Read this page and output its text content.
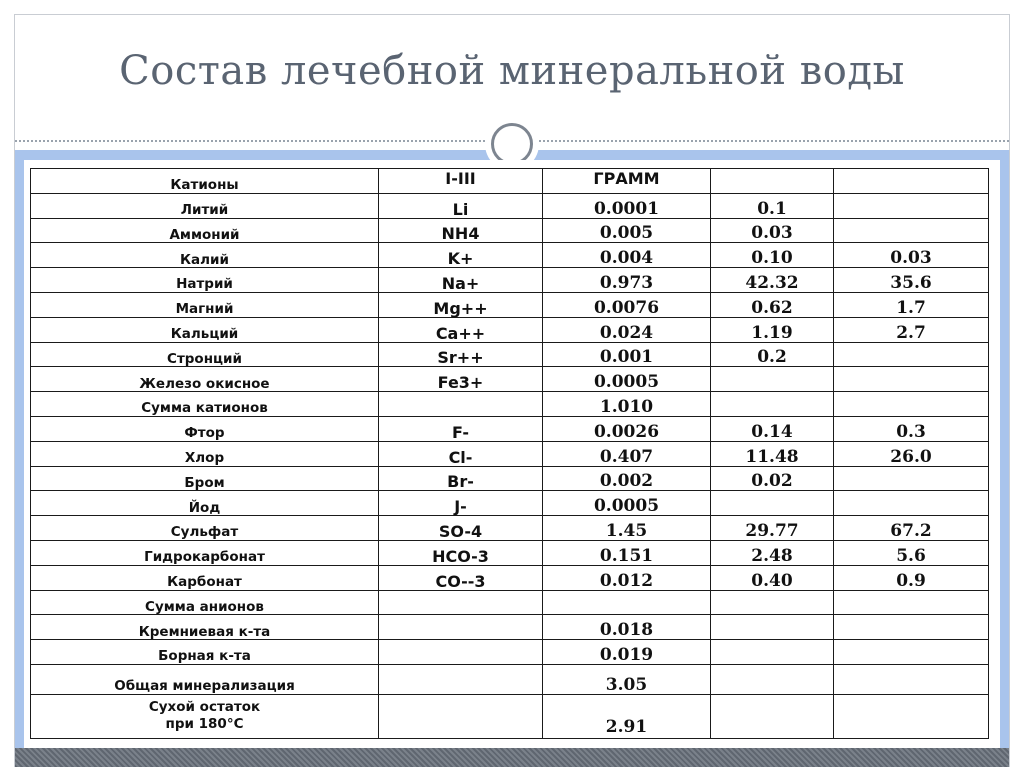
Состав лечебной минеральной воды
Катионы	I-III	ГРАММ		
Литий	Li	0.0001	0.1	
Аммоний	NH4	0.005	0.03	
Калий	K+	0.004	0.10	0.03
Натрий	Na+	0.973	42.32	35.6
Магний	Mg++	0.0076	0.62	1.7
Кальций	Ca++	0.024	1.19	2.7
Стронций	Sr++	0.001	0.2	
Железо окисное	Fe3+	0.0005		
Сумма катионов		1.010		
Фтор	F-	0.0026	0.14	0.3
Хлор	Cl-	0.407	11.48	26.0
Бром	Br-	0.002	0.02	
Йод	J-	0.0005		
Сульфат	SO-4	1.45	29.77	67.2
Гидрокарбонат	HCO-3	0.151	2.48	5.6
Карбонат	CO--3	0.012	0.40	0.9
Сумма анионов				
Кремниевая к-та		0.018		
Борная к-та		0.019		
Общая минерализация		3.05		
Сухой остаток
при 180°С		2.91		
